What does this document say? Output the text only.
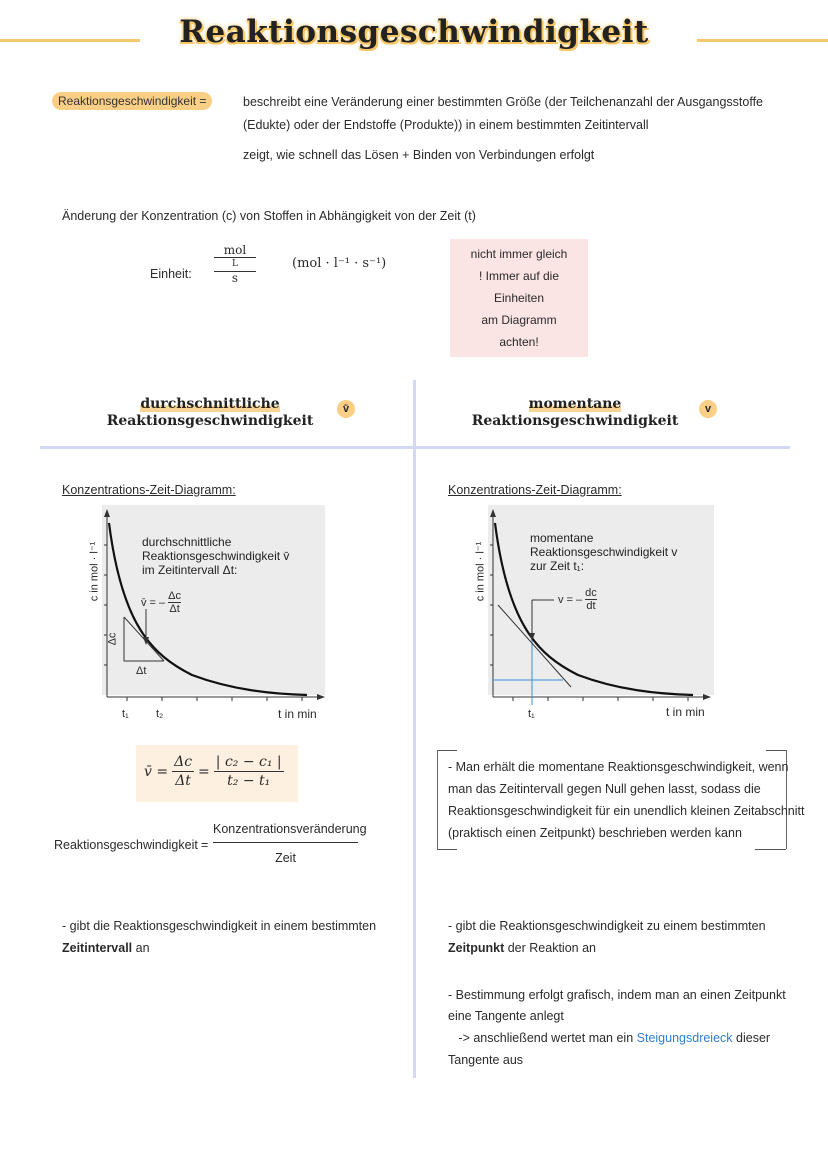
Reaktionsgeschwindigkeit
Reaktionsgeschwindigkeit =	beschreibt eine Veränderung einer bestimmten Größe (der Teilchenanzahl der Ausgangsstoffe
(Edukte) oder der Endstoffe (Produkte)) in einem bestimmten Zeitintervall
zeigt, wie schnell das Lösen + Binden von Verbindungen erfolgt
Änderung der Konzentration (c) von Stoffen in Abhängigkeit von der Zeit (t)
Einheit:
mol
L
s
(mol · l⁻¹ · s⁻¹)
nicht immer gleich
! Immer auf die Einheiten
am Diagramm achten!
durchschnittliche
Reaktionsgeschwindigkeit
v̄	momentane
Reaktionsgeschwindigkeit
v
Konzentrations-Zeit-Diagramm:
durchschnittliche
Reaktionsgeschwindigkeit v̄
im Zeitintervall Δt:
v̄ = – $\frac{\Delta c}{\Delta t}$
Δc
Δt
c in mol · l⁻¹
t₁ t₂	t in min
v̄ = $\frac{\Delta c}{\Delta t} = \frac{\text{| c₂ − c₁ |}}{\text{t₂ − t₁}}$
Reaktionsgeschwindigkeit =
Konzentrationsveränderung
Zeit
- gibt die Reaktionsgeschwindigkeit in einem bestimmten
Zeitintervall an
Konzentrations-Zeit-Diagramm:
momentane
Reaktionsgeschwindigkeit v
zur Zeit t₁:
v = – $\frac{dc}{dt}$
c in mol · l⁻¹
t₁	t in min
- Man erhält die momentane Reaktionsgeschwindigkeit, wenn
man das Zeitintervall gegen Null gehen lasst, sodass die
Reaktionsgeschwindigkeit für ein unendlich kleinen Zeitabschnitt
(praktisch einen Zeitpunkt) beschrieben werden kann
- gibt die Reaktionsgeschwindigkeit zu einem bestimmten
Zeitpunkt der Reaktion an
- Bestimmung erfolgt grafisch, indem man an einen Zeitpunkt
eine Tangente anlegt
-> anschließend wertet man ein Steigungsdreieck dieser
Tangente aus
